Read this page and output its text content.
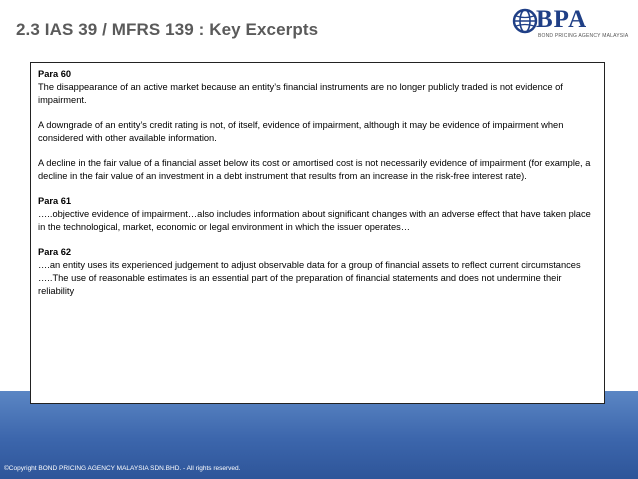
2.3 IAS 39 / MFRS 139 : Key Excerpts	BPA
BOND PRICING AGENCY MALAYSIA

Para 60

The disappearance of an active market because an entity’s financial instruments are no longer publicly traded is not evidence of impairment.

A downgrade of an entity’s credit rating is not, of itself, evidence of impairment, although it may be evidence of impairment when considered with other available information.

A decline in the fair value of a financial asset below its cost or amortised cost is not necessarily evidence of impairment (for example, a decline in the fair value of an investment in a debt instrument that results from an increase in the risk-free interest rate).

Para 61

…..objective evidence of impairment…also includes information about significant changes with an adverse effect that have taken place in the technological, market, economic or legal environment in which the issuer operates…

Para 62

….an entity uses its experienced judgement to adjust observable data for a group of financial assets to reflect current circumstances …..The use of reasonable estimates is an essential part of the preparation of financial statements and does not undermine their reliability

©Copyright BOND PRICING AGENCY MALAYSIA SDN.BHD. - All rights reserved.
